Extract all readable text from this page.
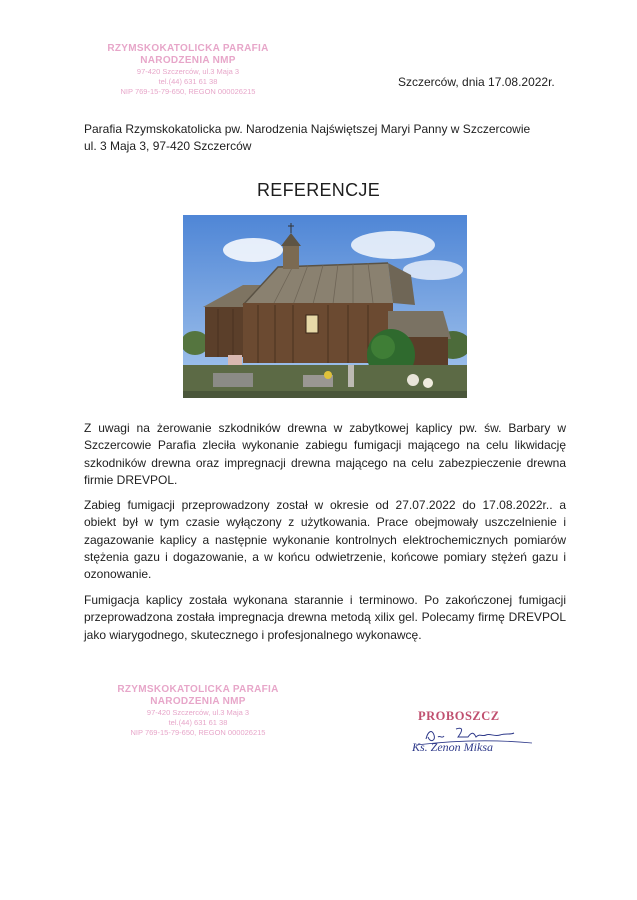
RZYMSKOKATOLICKA PARAFIA
NARODZENIA NMP
97-420 Szczerców, ul.3 Maja 3
tel.(44) 631 61 38
NIP 769-15-79-650, REGON 000026215
Szczerców, dnia 17.08.2022r.
Parafia Rzymskokatolicka pw. Narodzenia Najświętszej Maryi Panny w Szczercowie
ul. 3 Maja 3, 97-420 Szczerców
REFERENCJE
Z uwagi na żerowanie szkodników drewna w zabytkowej kaplicy pw. św. Barbary w Szczercowie Parafia zleciła wykonanie zabiegu fumigacji mającego na celu likwidację szkodników drewna oraz impregnacji drewna mającego na celu zabezpieczenie drewna firmie DREVPOL.
Zabieg fumigacji przeprowadzony został w okresie od 27.07.2022 do 17.08.2022r.. a obiekt był w tym czasie wyłączony z użytkowania. Prace obejmowały uszczelnienie i zagazowanie kaplicy a następnie wykonanie kontrolnych elektrochemicznych pomiarów stężenia gazu i dogazowanie, a w końcu odwietrzenie, końcowe pomiary stężeń gazu i ozonowanie.
Fumigacja kaplicy została wykonana starannie i terminowo. Po zakończonej fumigacji przeprowadzona została impregnacja drewna metodą xilix gel. Polecamy firmę DREVPOL jako wiarygodnego, skutecznego i profesjonalnego wykonawcę.
RZYMSKOKATOLICKA PARAFIA
NARODZENIA NMP
97-420 Szczerców, ul.3 Maja 3
tel.(44) 631 61 38
NIP 769-15-79-650, REGON 000026215
PROBOSZCZ
Ks. Zenon Miksa
